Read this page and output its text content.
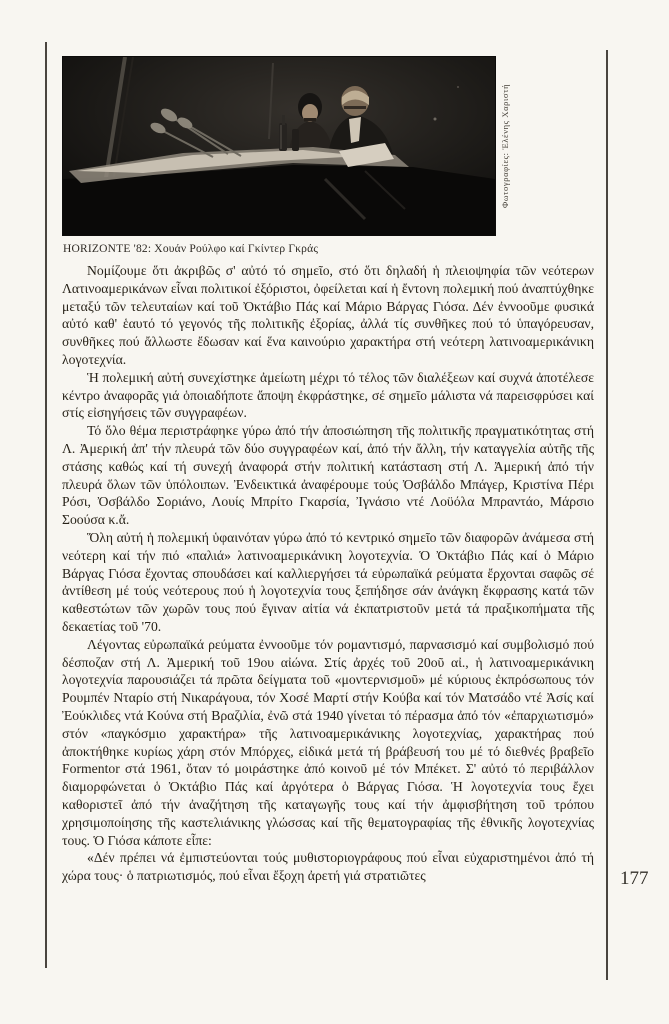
Φωτογραφίες: Ἑλένης Χαριστή
HORIZONTE '82: Χουάν Ρούλφο καί Γκίντερ Γκράς

Νομίζουμε ὅτι ἀκριβῶς σ' αὐτό τό σημεῖο, στό ὅτι δηλαδή ἡ πλειοψηφία τῶν νεότερων Λατινοαμερικάνων εἶναι πολιτικοί ἐξόριστοι, ὀφείλεται καί ἡ ἔντονη πολεμική πού ἀναπτύχθηκε μεταξύ τῶν τελευταίων καί τοῦ Ὀκτάβιο Πάς καί Μάριο Βάργας Γιόσα. Δέν ἐννοοῦμε φυσικά αὐτό καθ' ἑαυτό τό γεγονός τῆς πολιτικῆς ἐξορίας, ἀλλά τίς συνθῆκες πού τό ὑπαγόρευσαν, συνθῆκες πού ἄλλωστε ἔδωσαν καί ἕνα καινούριο χαρακτήρα στή νεότερη λατινοαμερικάνικη λογοτεχνία.

Ἡ πολεμική αὐτή συνεχίστηκε ἀμείωτη μέχρι τό τέλος τῶν διαλέξεων καί συχνά ἀποτέλεσε κέντρο ἀναφορᾶς γιά ὁποιαδήποτε ἄποψη ἐκφράστηκε, σέ σημεῖο μάλιστα νά παρεισφρύσει καί στίς εἰσηγήσεις τῶν συγγραφέων.

Τό ὅλο θέμα περιστράφηκε γύρω ἀπό τήν ἀποσιώπηση τῆς πολιτικῆς πραγματικότητας στή Λ. Ἀμερική ἀπ' τήν πλευρά τῶν δύο συγγραφέων καί, ἀπό τήν ἄλλη, τήν καταγγελία αὐτῆς τῆς στάσης καθώς καί τή συνεχή ἀναφορά στήν πολιτική κατάσταση στή Λ. Ἀμερική ἀπό τήν πλευρά ὅλων τῶν ὑπόλοιπων. Ἐνδεικτικά ἀναφέρουμε τούς Ὀσβάλδο Μπάγερ, Κριστίνα Πέρι Ρόσι, Ὀσβάλδο Σοριάνο, Λουίς Μπρίτο Γκαρσία, Ἰγνάσιο ντέ Λοϋόλα Μπραντάο, Μάρσιο Σοούσα κ.ἄ.

Ὅλη αὐτή ἡ πολεμική ὑφαινόταν γύρω ἀπό τό κεντρικό σημεῖο τῶν διαφορῶν ἀνάμεσα στή νεότερη καί τήν πιό «παλιά» λατινοαμερικάνικη λογοτεχνία. Ὁ Ὀκτάβιο Πάς καί ὁ Μάριο Βάργας Γιόσα ἔχοντας σπουδάσει καί καλλιεργήσει τά εὐρωπαϊκά ρεύματα ἔρχονται σαφῶς σέ ἀντίθεση μέ τούς νεότερους πού ἡ λογοτεχνία τους ξεπήδησε σάν ἀνάγκη ἔκφρασης κατά τῶν καθεστώτων τῶν χωρῶν τους πού ἔγιναν αἰτία νά ἐκπατριστοῦν μετά τά πραξικοπήματα τῆς δεκαετίας τοῦ '70.

Λέγοντας εὐρωπαϊκά ρεύματα ἐννοοῦμε τόν ρομαντισμό, παρνασισμό καί συμβολισμό πού δέσποζαν στή Λ. Ἀμερική τοῦ 19ου αἰώνα. Στίς ἀρχές τοῦ 20οῦ αἰ., ἡ λατινοαμερικάνικη λογοτεχνία παρουσιάζει τά πρῶτα δείγματα τοῦ «μοντερνισμοῦ» μέ κύριους ἐκπρόσωπους τόν Ρουμπέν Νταρίο στή Νικαράγουα, τόν Χοσέ Μαρτί στήν Κούβα καί τόν Ματσάδο ντέ Ἀσίς καί Ἐούκλιδες ντά Κούνα στή Βραζιλία, ἐνῶ στά 1940 γίνεται τό πέρασμα ἀπό τόν «ἐπαρχιωτισμό» στόν «παγκόσμιο χαρακτήρα» τῆς λατινοαμερικάνικης λογοτεχνίας, χαρακτήρας πού ἀποκτήθηκε κυρίως χάρη στόν Μπόρχες, εἰδικά μετά τή βράβευσή του μέ τό διεθνές βραβεῖο Formentor στά 1961, ὅταν τό μοιράστηκε ἀπό κοινοῦ μέ τόν Μπέκετ. Σ' αὐτό τό περιβάλλον διαμορφώνεται ὁ Ὀκτάβιο Πάς καί ἀργότερα ὁ Βάργας Γιόσα. Ἡ λογοτεχνία τους ἔχει καθοριστεῖ ἀπό τήν ἀναζήτηση τῆς καταγωγῆς τους καί τήν ἀμφισβήτηση τοῦ τρόπου χρησιμοποίησης τῆς καστελιάνικης γλώσσας καί τῆς θεματογραφίας τῆς ἐθνικῆς λογοτεχνίας τους. Ὁ Γιόσα κάποτε εἶπε:

«Δέν πρέπει νά ἐμπιστεύονται τούς μυθιστοριογράφους πού εἶναι εὐχαριστημένοι ἀπό τή χώρα τους· ὁ πατριωτισμός, πού εἶναι ἔξοχη ἀρετή γιά στρατιῶτες	177
